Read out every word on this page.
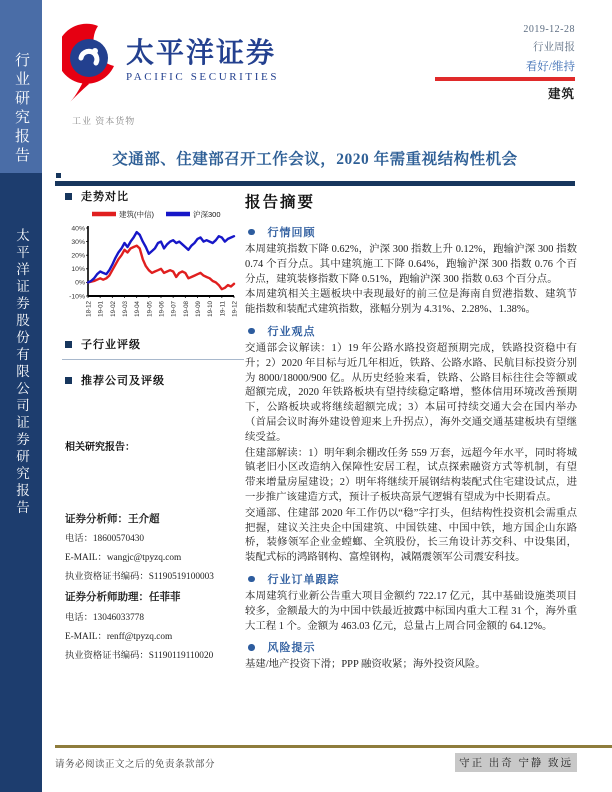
行业研究报告
太平洋证券股份有限公司证券研究报告
太平洋证券
PACIFIC SECURITIES
2019-12-28
行业周报
看好/维持
建筑
工业 资本货物
交通部、住建部召开工作会议，2020 年需重视结构性机会
走势对比
建筑(中信)	沪深300
-10%
0%
10%
20%
30%
40%
18-12 19-01 19-02 19-03 19-04 19-05 19-06 19-07 19-08 19-09 19-10 19-11 19-12
子行业评级
推荐公司及评级
相关研究报告：
证券分析师：王介超
电话：18600570430
E-MAIL：wangjc@tpyzq.com
执业资格证书编码：S1190519100003
证券分析师助理：任菲菲
电话：13046033778
E-MAIL：renff@tpyzq.com
执业资格证书编码：S1190119110020
报告摘要
行情回顾

本周建筑指数下降 0.62%，沪深 300 指数上升 0.12%，跑输沪深 300 指数 0.74 个百分点。其中建筑施工下降 0.64%，跑输沪深 300 指数 0.76 个百分点，建筑装修指数下降 0.51%，跑输沪深 300 指数 0.63 个百分点。

本周建筑相关主题板块中表现最好的前三位是海南自贸港指数、建筑节能指数和装配式建筑指数，涨幅分别为 4.31%、2.28%、1.38%。

行业观点

交通部会议解读：1）19 年公路水路投资超预期完成，铁路投资稳中有升；2）2020 年目标与近几年相近，铁路、公路水路、民航目标投资分别为 8000/18000/900 亿。从历史经验来看，铁路、公路目标往往会等额或超额完成，2020 年铁路板块有望持续稳定略增，整体信用环境改善预期下，公路板块或将继续超额完成；3）本届可持续交通大会在国内举办（首届会议时海外建设曾迎来上升拐点），海外交通交通基建板块有望继续受益。

住建部解读：1）明年剩余棚改任务 559 万套，远超今年水平，同时将城镇老旧小区改造纳入保障性安居工程，试点探索融资方式等机制，有望带来增量房屋建设；2）明年将继续开展钢结构装配式住宅建设试点，进一步推广该建造方式，预计子板块高景气逻辑有望成为中长期看点。

交通部、住建部 2020 年工作仍以“稳”字打头，但结构性投资机会需重点把握，建议关注央企中国建筑、中国铁建、中国中铁，地方国企山东路桥，装修领军企业金螳螂、全筑股份，长三角设计苏交科、中设集团，装配式标的鸿路钢构、富煌钢构，减隔震领军公司震安科技。

行业订单跟踪

本周建筑行业新公告重大项目金额约 722.17 亿元，其中基础设施类项目较多，金额最大的为中国中铁最近披露中标国内重大工程 31 个，海外重大工程 1 个。金额为 463.03 亿元，总量占上周合同金额的 64.12%。

风险提示

基建/地产投资下滑；PPP 融资收紧；海外投资风险。

请务必阅读正文之后的免责条款部分	守正 出奇 宁静 致远
